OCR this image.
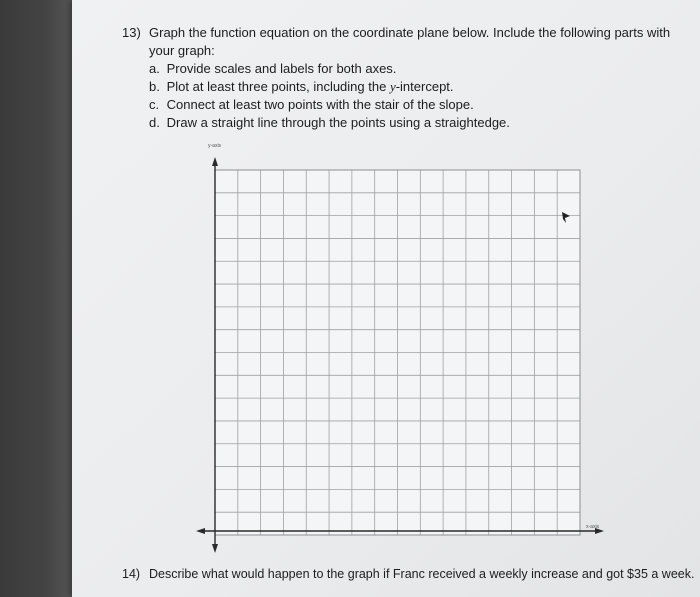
13) Graph the function equation on the coordinate plane below. Include the following parts with your graph:
a. Provide scales and labels for both axes.
b. Plot at least three points, including the y-intercept.
c. Connect at least two points with the stair of the slope.
d. Draw a straight line through the points using a straightedge.
y-axis
x-axis
14) Describe what would happen to the graph if Franc received a weekly increase and got $35 a week.
